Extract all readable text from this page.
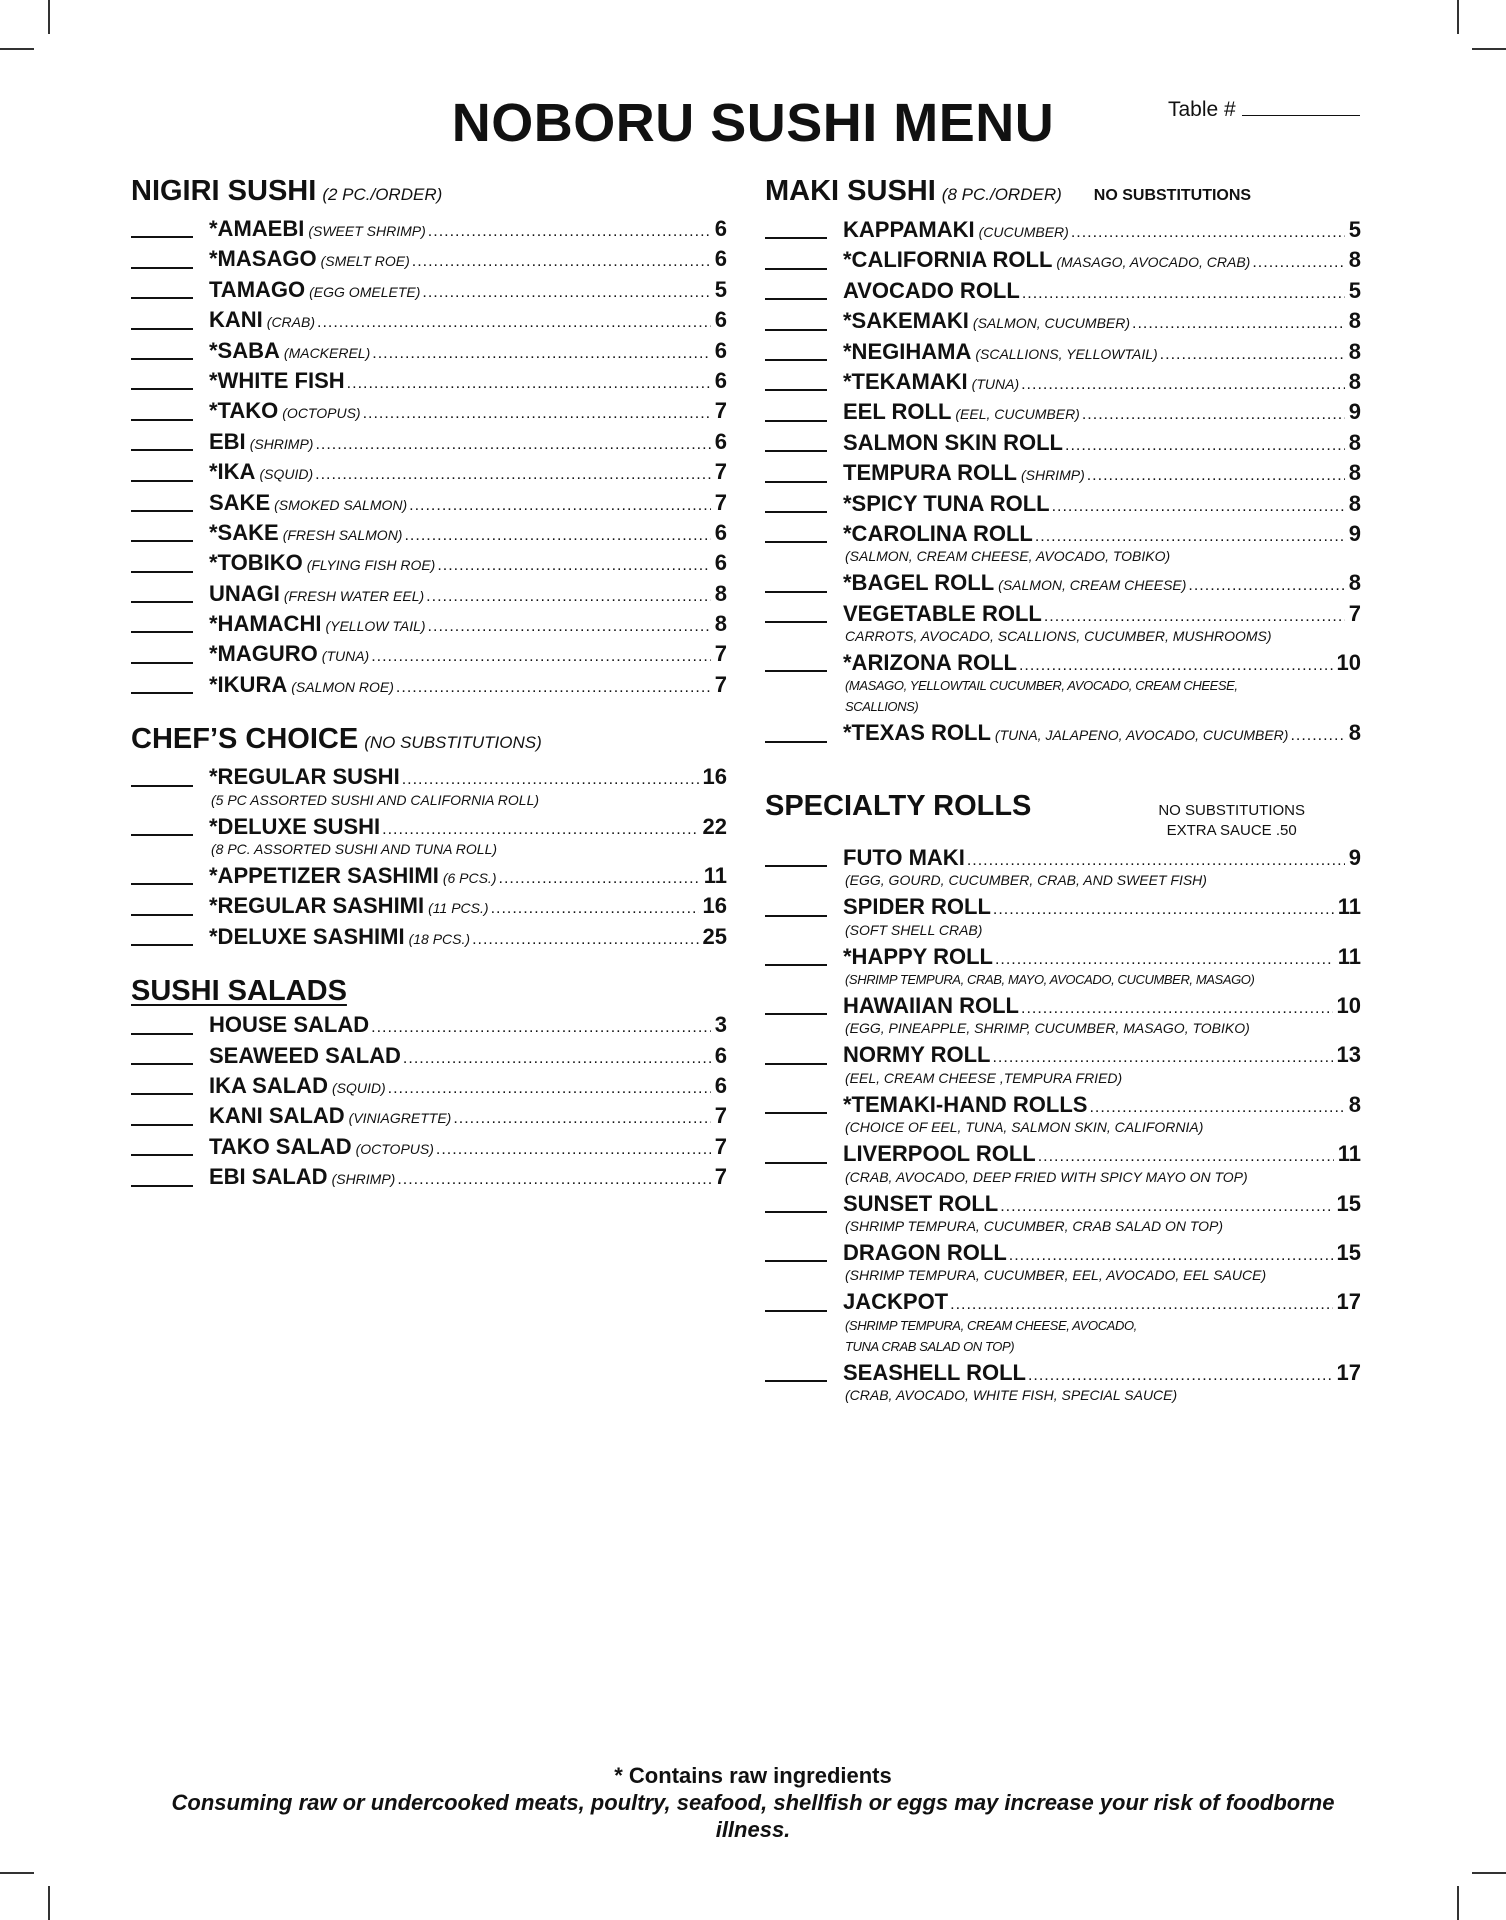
NOBORU SUSHI MENU	Table #
NIGIRI SUSHI (2 PC./ORDER)
*AMAEBI (SWEET SHRIMP) .....	6
*MASAGO (SMELT ROE) .....	6
TAMAGO (EGG OMELETE) .....	5
KANI (CRAB) .....	6
*SABA (MACKEREL) .....	6
*WHITE FISH .....	6
*TAKO (OCTOPUS) .....	7
EBI (SHRIMP) .....	6
*IKA (SQUID) .....	7
SAKE (SMOKED SALMON) .....	7
*SAKE (FRESH SALMON) .....	6
*TOBIKO (FLYING FISH ROE) .....	6
UNAGI (FRESH WATER EEL) .....	8
*HAMACHI (YELLOW TAIL) .....	8
*MAGURO (TUNA) .....	7
*IKURA (SALMON ROE) .....	7
CHEF’S CHOICE (NO SUBSTITUTIONS)
*REGULAR SUSHI .....	16
(5 PC ASSORTED SUSHI AND CALIFORNIA ROLL)
*DELUXE SUSHI .....	22
(8 PC. ASSORTED SUSHI AND TUNA ROLL)
*APPETIZER SASHIMI (6 PCS.) .....	11
*REGULAR SASHIMI (11 PCS.) .....	16
*DELUXE SASHIMI (18 PCS.) .....	25
SUSHI SALADS
HOUSE SALAD .....	3
SEAWEED SALAD .....	6
IKA SALAD (SQUID) .....	6
KANI SALAD (VINIAGRETTE) .....	7
TAKO SALAD (OCTOPUS) .....	7
EBI SALAD (SHRIMP) .....	7
MAKI SUSHI (8 PC./ORDER) NO SUBSTITUTIONS
KAPPAMAKI (CUCUMBER) .....	5
*CALIFORNIA ROLL (MASAGO, AVOCADO, CRAB) .....	8
AVOCADO ROLL .....	5
*SAKEMAKI (SALMON, CUCUMBER) .....	8
*NEGIHAMA (SCALLIONS, YELLOWTAIL) .....	8
*TEKAMAKI (TUNA) .....	8
EEL ROLL (EEL, CUCUMBER) .....	9
SALMON SKIN ROLL .....	8
TEMPURA ROLL (SHRIMP) .....	8
*SPICY TUNA ROLL .....	8
*CAROLINA ROLL .....	9
(SALMON, CREAM CHEESE, AVOCADO, TOBIKO)
*BAGEL ROLL (SALMON, CREAM CHEESE) .....	8
VEGETABLE ROLL .....	7
CARROTS, AVOCADO, SCALLIONS, CUCUMBER, MUSHROOMS)
*ARIZONA ROLL .....	10
(MASAGO, YELLOWTAIL CUCUMBER, AVOCADO, CREAM CHEESE,
SCALLIONS)
*TEXAS ROLL (TUNA, JALAPENO, AVOCADO, CUCUMBER) .....	8
SPECIALTY ROLLS	NO SUBSTITUTIONS
EXTRA SAUCE .50
FUTO MAKI .....	9
(EGG, GOURD, CUCUMBER, CRAB, AND SWEET FISH)
SPIDER ROLL .....	11
(SOFT SHELL CRAB)
*HAPPY ROLL .....	11
(SHRIMP TEMPURA, CRAB, MAYO, AVOCADO, CUCUMBER, MASAGO)
HAWAIIAN ROLL .....	10
(EGG, PINEAPPLE, SHRIMP, CUCUMBER, MASAGO, TOBIKO)
NORMY ROLL .....	13
(EEL, CREAM CHEESE ,TEMPURA FRIED)
*TEMAKI-HAND ROLLS .....	8
(CHOICE OF EEL, TUNA, SALMON SKIN, CALIFORNIA)
LIVERPOOL ROLL .....	11
(CRAB, AVOCADO, DEEP FRIED WITH SPICY MAYO ON TOP)
SUNSET ROLL .....	15
(SHRIMP TEMPURA, CUCUMBER, CRAB SALAD ON TOP)
DRAGON ROLL .....	15
(SHRIMP TEMPURA, CUCUMBER, EEL, AVOCADO, EEL SAUCE)
JACKPOT .....	17
(SHRIMP TEMPURA, CREAM CHEESE, AVOCADO,
TUNA CRAB SALAD ON TOP)
SEASHELL ROLL .....	17
(CRAB, AVOCADO, WHITE FISH, SPECIAL SAUCE)
* Contains raw ingredients
Consuming raw or undercooked meats, poultry, seafood, shellfish or eggs may increase your risk of foodborne illness.
